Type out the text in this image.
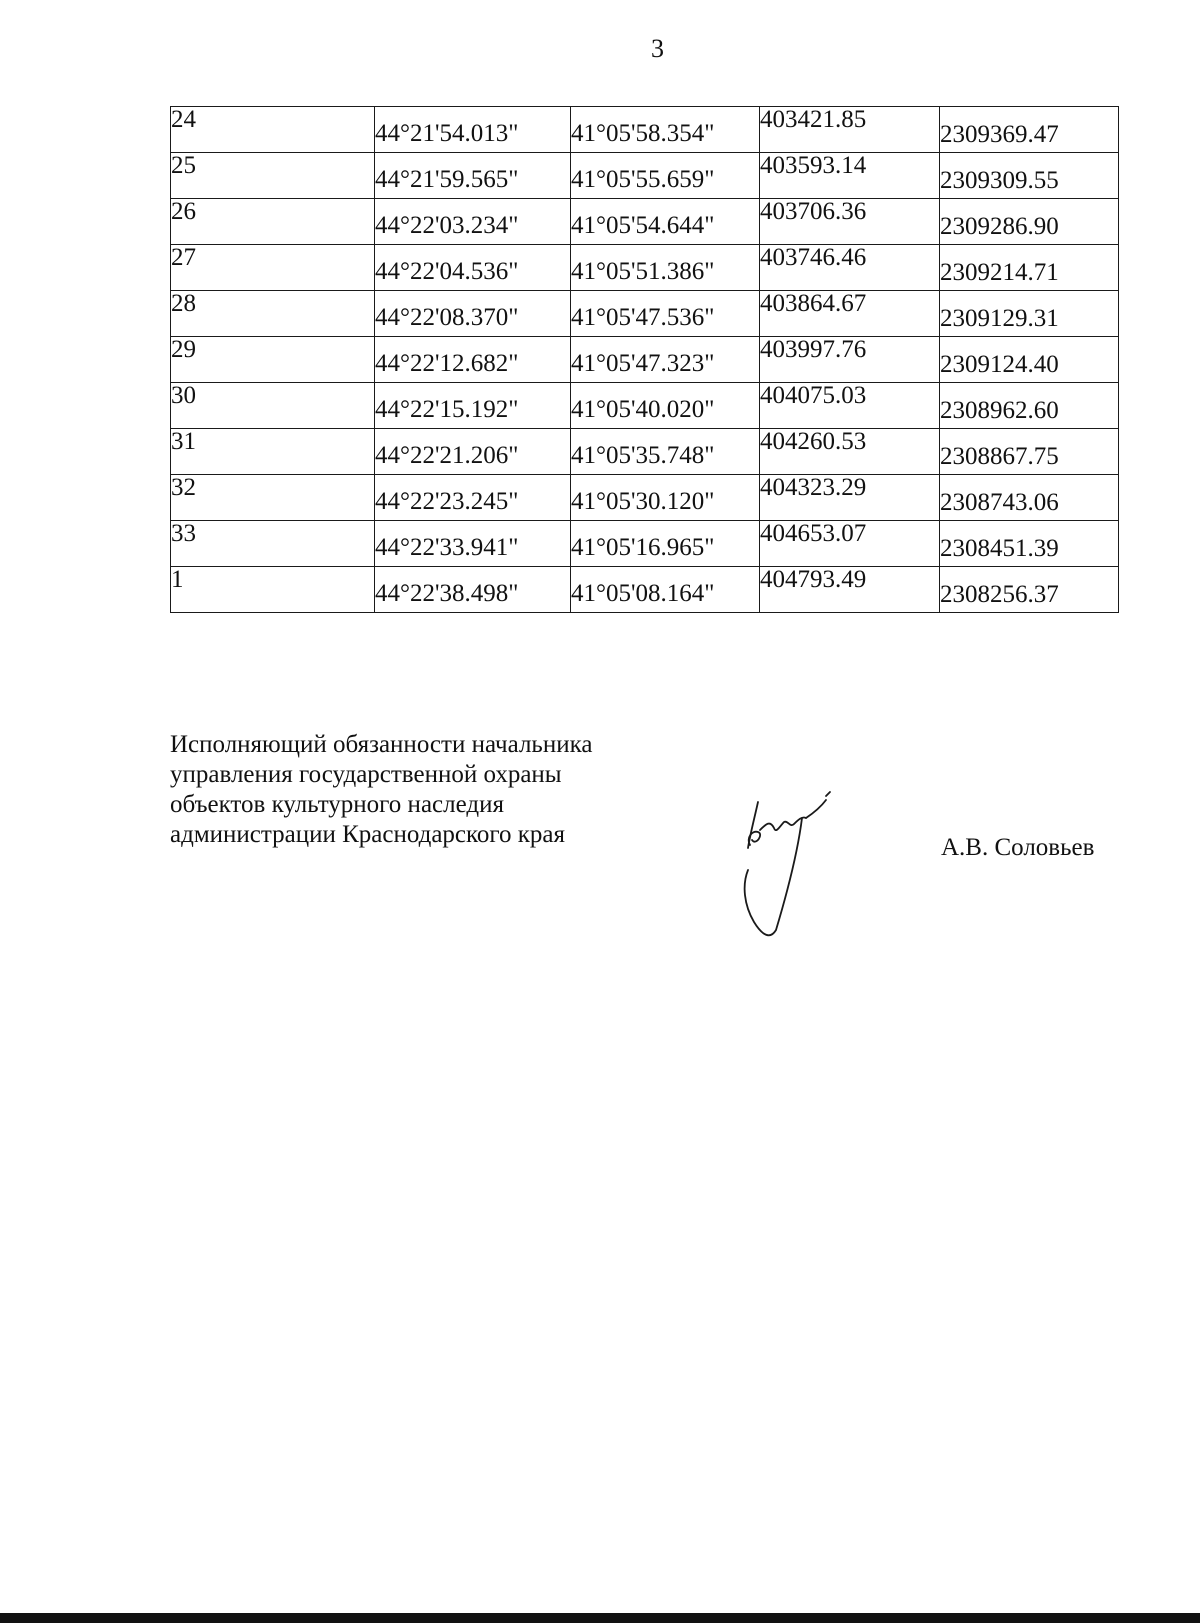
3
24	44°21'54.013"	41°05'58.354"	403421.85	2309369.47
25	44°21'59.565"	41°05'55.659"	403593.14	2309309.55
26	44°22'03.234"	41°05'54.644"	403706.36	2309286.90
27	44°22'04.536"	41°05'51.386"	403746.46	2309214.71
28	44°22'08.370"	41°05'47.536"	403864.67	2309129.31
29	44°22'12.682"	41°05'47.323"	403997.76	2309124.40
30	44°22'15.192"	41°05'40.020"	404075.03	2308962.60
31	44°22'21.206"	41°05'35.748"	404260.53	2308867.75
32	44°22'23.245"	41°05'30.120"	404323.29	2308743.06
33	44°22'33.941"	41°05'16.965"	404653.07	2308451.39
1	44°22'38.498"	41°05'08.164"	404793.49	2308256.37
Исполняющий обязанности начальника
управления государственной охраны
объектов культурного наследия
администрации Краснодарского края	А.В. Соловьев
